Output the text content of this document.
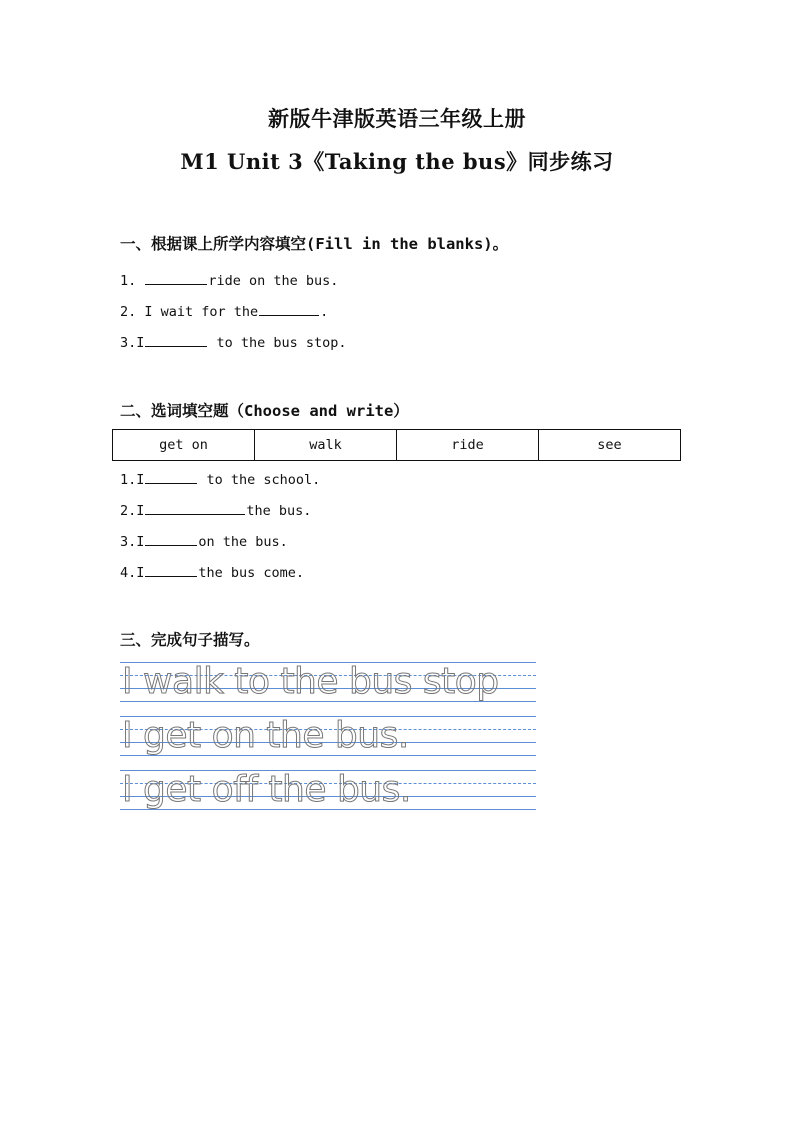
新版牛津版英语三年级上册
M1 Unit 3《Taking the bus》同步练习
一、根据课上所学内容填空(Fill in the blanks)。
1.	ride on the bus.
2. I wait for the	.
3.I	to the bus stop.
二、选词填空题（Choose and write）
get on	walk	ride	see
1.I	to the school.
2.I	the bus.
3.I	on the bus.
4.I	the bus come.
三、完成句子描写。
I walk to the bus stop
I get on the bus.
I get off the bus.
